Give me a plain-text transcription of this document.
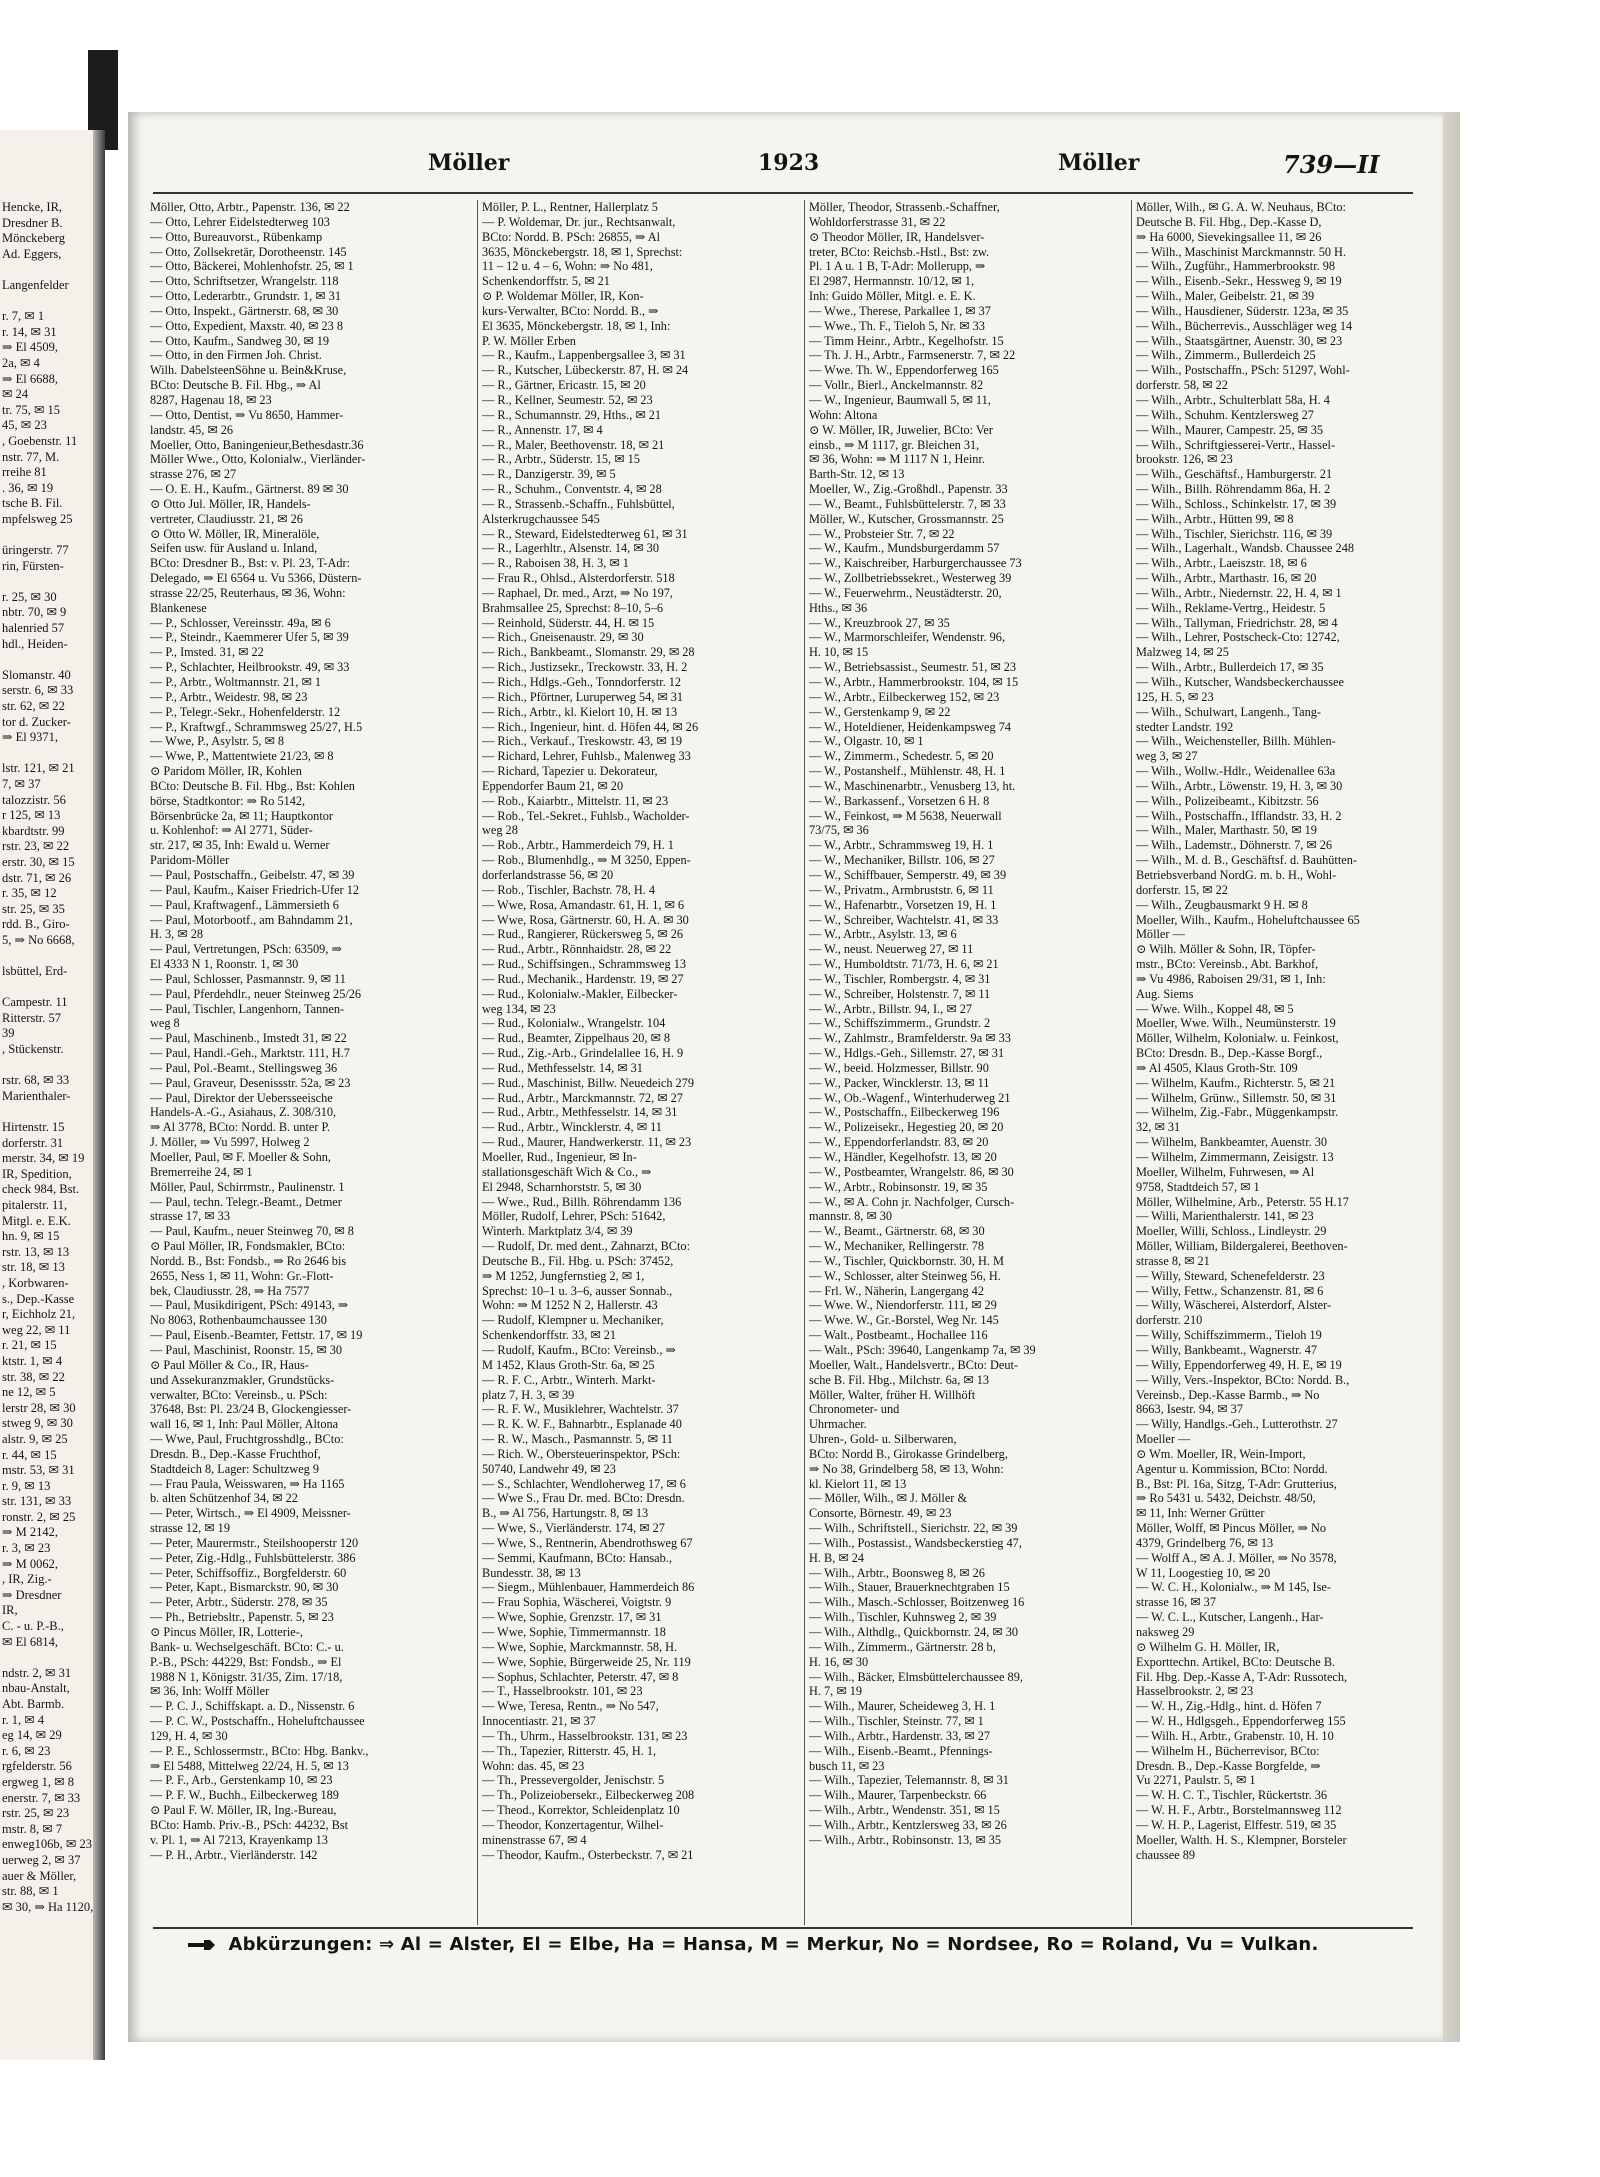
Hencke, IR,
Dresdner B.
Mönckeberg
Ad. Eggers,

Langenfelder

r. 7, ✉ 1
r. 14, ✉ 31
⇒ El 4509,
2a, ✉ 4
⇒ El 6688,
✉ 24
tr. 75, ✉ 15
45, ✉ 23
, Goebenstr. 11
nstr. 77, M.
rreihe 81
. 36, ✉ 19
tsche B. Fil.
mpfelsweg 25

üringerstr. 77
rin, Fürsten-

r. 25, ✉ 30
nbtr. 70, ✉ 9
halenried 57
hdl., Heiden-

Slomanstr. 40
serstr. 6, ✉ 33
str. 62, ✉ 22
tor d. Zucker-
⇒ El 9371,

lstr. 121, ✉ 21
7, ✉ 37
talozzistr. 56
r 125, ✉ 13
kbardtstr. 99
rstr. 23, ✉ 22
erstr. 30, ✉ 15
dstr. 71, ✉ 26
r. 35, ✉ 12
str. 25, ✉ 35
rdd. B., Giro-
5, ⇒ No 6668,

lsbüttel, Erd-

Campestr. 11
Ritterstr. 57
39
, Stückenstr.

rstr. 68, ✉ 33
Marienthaler-

Hirtenstr. 15
dorferstr. 31
merstr. 34, ✉ 19
IR, Spedition,
check 984, Bst.
pitalerstr. 11,
Mitgl. e. E.K.
hn. 9, ✉ 15
rstr. 13, ✉ 13
str. 18, ✉ 13
, Korbwaren-
s., Dep.-Kasse
r, Eichholz 21,
weg 22, ✉ 11
r. 21, ✉ 15
ktstr. 1, ✉ 4
str. 38, ✉ 22
ne 12, ✉ 5
lerstr 28, ✉ 30
stweg 9, ✉ 30
alstr. 9, ✉ 25
r. 44, ✉ 15
mstr. 53, ✉ 31
r. 9, ✉ 13
str. 131, ✉ 33
ronstr. 2, ✉ 25
⇒ M 2142,
r. 3, ✉ 23
⇒ M 0062,
, IR, Zig.-
⇒ Dresdner
IR,
C. - u. P.-B.,
✉ El 6814,

ndstr. 2, ✉ 31
nbau-Anstalt,
Abt. Barmb.
r. 1, ✉ 4
eg 14, ✉ 29
r. 6, ✉ 23
rgfelderstr. 56
ergweg 1, ✉ 8
enerstr. 7, ✉ 33
rstr. 25, ✉ 23
mstr. 8, ✉ 7
enweg106b, ✉ 23
uerweg 2, ✉ 37
auer & Möller,
str. 88, ✉ 1
✉ 30, ⇒ Ha 1120,
Möller	1923	Möller	739—II
Möller, Otto, Arbtr., Papenstr. 136, ✉ 22
— Otto, Lehrer Eidelstedterweg 103
— Otto, Bureauvorst., Rübenkamp
— Otto, Zollsekretär, Dorotheenstr. 145
— Otto, Bäckerei, Mohlenhofstr. 25, ✉ 1
— Otto, Schriftsetzer, Wrangelstr. 118
— Otto, Lederarbtr., Grundstr. 1, ✉ 31
— Otto, Inspekt., Gärtnerstr. 68, ✉ 30
— Otto, Expedient, Maxstr. 40, ✉ 23 8
— Otto, Kaufm., Sandweg 30, ✉ 19
— Otto, in den Firmen Joh. Christ.
Wilh. DabelsteenSöhne u. Bein&Kruse,
BCto: Deutsche B. Fil. Hbg., ⇒ Al
8287, Hagenau 18, ✉ 23
— Otto, Dentist, ⇒ Vu 8650, Hammer-
landstr. 45, ✉ 26
Moeller, Otto, Baningenieur,Bethesdastr.36
Möller Wwe., Otto, Kolonialw., Vierländer-
strasse 276, ✉ 27
— O. E. H., Kaufm., Gärtnerst. 89 ✉ 30
⊙ Otto Jul. Möller, IR, Handels-
vertreter, Claudiusstr. 21, ✉ 26
⊙ Otto W. Möller, IR, Mineralöle,
Seifen usw. für Ausland u. Inland,
BCto: Dresdner B., Bst: v. Pl. 23, T-Adr:
Delegado, ⇒ El 6564 u. Vu 5366, Düstern-
strasse 22/25, Reuterhaus, ✉ 36, Wohn:
Blankenese
— P., Schlosser, Vereinsstr. 49a, ✉ 6
— P., Steindr., Kaemmerer Ufer 5, ✉ 39
— P., Imsted. 31, ✉ 22
— P., Schlachter, Heilbrookstr. 49, ✉ 33
— P., Arbtr., Woltmannstr. 21, ✉ 1
— P., Arbtr., Weidestr. 98, ✉ 23
— P., Telegr.-Sekr., Hohenfelderstr. 12
— P., Kraftwgf., Schrammsweg 25/27, H.5
— Wwe, P., Asylstr. 5, ✉ 8
— Wwe, P., Mattentwiete 21/23, ✉ 8
⊙ Paridom Möller, IR, Kohlen
BCto: Deutsche B. Fil. Hbg., Bst: Kohlen
börse, Stadtkontor: ⇒ Ro 5142,
Börsenbrücke 2a, ✉ 11; Hauptkontor
u. Kohlenhof: ⇒ Al 2771, Süder-
str. 217, ✉ 35, Inh: Ewald u. Werner
Paridom-Möller
— Paul, Postschaffn., Geibelstr. 47, ✉ 39
— Paul, Kaufm., Kaiser Friedrich-Ufer 12
— Paul, Kraftwagenf., Lämmersieth 6
— Paul, Motorbootf., am Bahndamm 21,
H. 3, ✉ 28
— Paul, Vertretungen, PSch: 63509, ⇒
El 4333 N 1, Roonstr. 1, ✉ 30
— Paul, Schlosser, Pasmannstr. 9, ✉ 11
— Paul, Pferdehdlr., neuer Steinweg 25/26
— Paul, Tischler, Langenhorn, Tannen-
weg 8
— Paul, Maschinenb., Imstedt 31, ✉ 22
— Paul, Handl.-Geh., Marktstr. 111, H.7
— Paul, Pol.-Beamt., Stellingsweg 36
— Paul, Graveur, Desenissstr. 52a, ✉ 23
— Paul, Direktor der Uebersseeische
Handels-A.-G., Asiahaus, Z. 308/310,
⇒ Al 3778, BCto: Nordd. B. unter P.
J. Möller, ⇒ Vu 5997, Holweg 2
Moeller, Paul, ✉ F. Moeller & Sohn,
Bremerreihe 24, ✉ 1
Möller, Paul, Schirrmstr., Paulinenstr. 1
— Paul, techn. Telegr.-Beamt., Detmer
strasse 17, ✉ 33
— Paul, Kaufm., neuer Steinweg 70, ✉ 8
⊙ Paul Möller, IR, Fondsmakler, BCto:
Nordd. B., Bst: Fondsb., ⇒ Ro 2646 bis
2655, Ness 1, ✉ 11, Wohn: Gr.-Flott-
bek, Claudiusstr. 28, ⇒ Ha 7577
— Paul, Musikdirigent, PSch: 49143, ⇒
No 8063, Rothenbaumchaussee 130
— Paul, Eisenb.-Beamter, Fettstr. 17, ✉ 19
— Paul, Maschinist, Roonstr. 15, ✉ 30
⊙ Paul Möller & Co., IR, Haus-
und Assekuranzmakler, Grundstücks-
verwalter, BCto: Vereinsb., u. PSch:
37648, Bst: Pl. 23/24 B, Glockengiesser-
wall 16, ✉ 1, Inh: Paul Möller, Altona
— Wwe, Paul, Fruchtgrosshdlg., BCto:
Dresdn. B., Dep.-Kasse Fruchthof,
Stadtdeich 8, Lager: Schultzweg 9
— Frau Paula, Weisswaren, ⇒ Ha 1165
b. alten Schützenhof 34, ✉ 22
— Peter, Wirtsch., ⇒ El 4909, Meissner-
strasse 12, ✉ 19
— Peter, Maurermstr., Steilshooperstr 120
— Peter, Zig.-Hdlg., Fuhlsbüttelerstr. 386
— Peter, Schiffsoffiz., Borgfelderstr. 60
— Peter, Kapt., Bismarckstr. 90, ✉ 30
— Peter, Arbtr., Süderstr. 278, ✉ 35
— Ph., Betriebsltr., Papenstr. 5, ✉ 23
⊙ Pincus Möller, IR, Lotterie-,
Bank- u. Wechselgeschäft. BCto: C.- u.
P.-B., PSch: 44229, Bst: Fondsb., ⇒ El
1988 N 1, Königstr. 31/35, Zim. 17/18,
✉ 36, Inh: Wolff Möller
— P. C. J., Schiffskapt. a. D., Nissenstr. 6
— P. C. W., Postschaffn., Hoheluftchaussee
129, H. 4, ✉ 30
— P. E., Schlossermstr., BCto: Hbg. Bankv.,
⇒ El 5488, Mittelweg 22/24, H. 5, ✉ 13
— P. F., Arb., Gerstenkamp 10, ✉ 23
— P. F. W., Buchh., Eilbeckerweg 189
⊙ Paul F. W. Möller, IR, Ing.-Bureau,
BCto: Hamb. Priv.-B., PSch: 44232, Bst
v. Pl. 1, ⇒ Al 7213, Krayenkamp 13
— P. H., Arbtr., Vierländerstr. 142
Möller, P. L., Rentner, Hallerplatz 5
— P. Woldemar, Dr. jur., Rechtsanwalt,
BCto: Nordd. B. PSch: 26855, ⇒ Al
3635, Mönckebergstr. 18, ✉ 1, Sprechst:
11 – 12 u. 4 – 6, Wohn: ⇒ No 481,
Schenkendorffstr. 5, ✉ 21
⊙ P. Woldemar Möller, IR, Kon-
kurs-Verwalter, BCto: Nordd. B., ⇒
El 3635, Mönckebergstr. 18, ✉ 1, Inh:
P. W. Möller Erben
— R., Kaufm., Lappenbergsallee 3, ✉ 31
— R., Kutscher, Lübeckerstr. 87, H. ✉ 24
— R., Gärtner, Ericastr. 15, ✉ 20
— R., Kellner, Seumestr. 52, ✉ 23
— R., Schumannstr. 29, Hths., ✉ 21
— R., Annenstr. 17, ✉ 4
— R., Maler, Beethovenstr. 18, ✉ 21
— R., Arbtr., Süderstr. 15, ✉ 15
— R., Danzigerstr. 39, ✉ 5
— R., Schuhm., Conventstr. 4, ✉ 28
— R., Strassenb.-Schaffn., Fuhlsbüttel,
Alsterkrugchaussee 545
— R., Steward, Eidelstedterweg 61, ✉ 31
— R., Lagerhltr., Alsenstr. 14, ✉ 30
— R., Raboisen 38, H. 3, ✉ 1
— Frau R., Ohlsd., Alsterdorferstr. 518
— Raphael, Dr. med., Arzt, ⇒ No 197,
Brahmsallee 25, Sprechst: 8–10, 5–6
— Reinhold, Süderstr. 44, H. ✉ 15
— Rich., Gneisenaustr. 29, ✉ 30
— Rich., Bankbeamt., Slomanstr. 29, ✉ 28
— Rich., Justizsekr., Treckowstr. 33, H. 2
— Rich., Hdlgs.-Geh., Tonndorferstr. 12
— Rich., Pförtner, Luruperweg 54, ✉ 31
— Rich., Arbtr., kl. Kielort 10, H. ✉ 13
— Rich., Ingenieur, hint. d. Höfen 44, ✉ 26
— Rich., Verkauf., Treskowstr. 43, ✉ 19
— Richard, Lehrer, Fuhlsb., Malenweg 33
— Richard, Tapezier u. Dekorateur,
Eppendorfer Baum 21, ✉ 20
— Rob., Kaiarbtr., Mittelstr. 11, ✉ 23
— Rob., Tel.-Sekret., Fuhlsb., Wacholder-
weg 28
— Rob., Arbtr., Hammerdeich 79, H. 1
— Rob., Blumenhdlg., ⇒ M 3250, Eppen-
dorferlandstrasse 56, ✉ 20
— Rob., Tischler, Bachstr. 78, H. 4
— Wwe, Rosa, Amandastr. 61, H. 1, ✉ 6
— Wwe, Rosa, Gärtnerstr. 60, H. A. ✉ 30
— Rud., Rangierer, Rückersweg 5, ✉ 26
— Rud., Arbtr., Rönnhaidstr. 28, ✉ 22
— Rud., Schiffsingen., Schrammsweg 13
— Rud., Mechanik., Hardenstr. 19, ✉ 27
— Rud., Kolonialw.-Makler, Eilbecker-
weg 134, ✉ 23
— Rud., Kolonialw., Wrangelstr. 104
— Rud., Beamter, Zippelhaus 20, ✉ 8
— Rud., Zig.-Arb., Grindelallee 16, H. 9
— Rud., Methfesselstr. 14, ✉ 31
— Rud., Maschinist, Billw. Neuedeich 279
— Rud., Arbtr., Marckmannstr. 72, ✉ 27
— Rud., Arbtr., Methfesselstr. 14, ✉ 31
— Rud., Arbtr., Wincklerstr. 4, ✉ 11
— Rud., Maurer, Handwerkerstr. 11, ✉ 23
Moeller, Rud., Ingenieur, ✉ In-
stallationsgeschäft Wich & Co., ⇒
El 2948, Scharnhorststr. 5, ✉ 30
— Wwe., Rud., Billh. Röhrendamm 136
Möller, Rudolf, Lehrer, PSch: 51642,
Winterh. Marktplatz 3/4, ✉ 39
— Rudolf, Dr. med dent., Zahnarzt, BCto:
Deutsche B., Fil. Hbg. u. PSch: 37452,
⇒ M 1252, Jungfernstieg 2, ✉ 1,
Sprechst: 10–1 u. 3–6, ausser Sonnab.,
Wohn: ⇒ M 1252 N 2, Hallerstr. 43
— Rudolf, Klempner u. Mechaniker,
Schenkendorffstr. 33, ✉ 21
— Rudolf, Kaufm., BCto: Vereinsb., ⇒
M 1452, Klaus Groth-Str. 6a, ✉ 25
— R. F. C., Arbtr., Winterh. Markt-
platz 7, H. 3, ✉ 39
— R. F. W., Musiklehrer, Wachtelstr. 37
— R. K. W. F., Bahnarbtr., Esplanade 40
— R. W., Masch., Pasmannstr. 5, ✉ 11
— Rich. W., Obersteuerinspektor, PSch:
50740, Landwehr 49, ✉ 23
— S., Schlachter, Wendloherweg 17, ✉ 6
— Wwe S., Frau Dr. med. BCto: Dresdn.
B., ⇒ Al 756, Hartungstr. 8, ✉ 13
— Wwe, S., Vierländerstr. 174, ✉ 27
— Wwe, S., Rentnerin, Abendrothsweg 67
— Semmi, Kaufmann, BCto: Hansab.,
Bundesstr. 38, ✉ 13
— Siegm., Mühlenbauer, Hammerdeich 86
— Frau Sophia, Wäscherei, Voigtstr. 9
— Wwe, Sophie, Grenzstr. 17, ✉ 31
— Wwe, Sophie, Timmermannstr. 18
— Wwe, Sophie, Marckmannstr. 58, H.
— Wwe, Sophie, Bürgerweide 25, Nr. 119
— Sophus, Schlachter, Peterstr. 47, ✉ 8
— T., Hasselbrookstr. 101, ✉ 23
— Wwe, Teresa, Rentn., ⇒ No 547,
Innocentiastr. 21, ✉ 37
— Th., Uhrm., Hasselbrookstr. 131, ✉ 23
— Th., Tapezier, Ritterstr. 45, H. 1,
Wohn: das. 45, ✉ 23
— Th., Pressevergolder, Jenischstr. 5
— Th., Polizeiobersekr., Eilbeckerweg 208
— Theod., Korrektor, Schleidenplatz 10
— Theodor, Konzertagentur, Wilhel-
minenstrasse 67, ✉ 4
— Theodor, Kaufm., Osterbeckstr. 7, ✉ 21
Möller, Theodor, Strassenb.-Schaffner,
Wohldorferstrasse 31, ✉ 22
⊙ Theodor Möller, IR, Handelsver-
treter, BCto: Reichsb.-Hstl., Bst: zw.
Pl. 1 A u. 1 B, T-Adr: Mollerupp, ⇒
El 2987, Hermannstr. 10/12, ✉ 1,
Inh: Guido Möller, Mitgl. e. E. K.
— Wwe., Therese, Parkallee 1, ✉ 37
— Wwe., Th. F., Tieloh 5, Nr. ✉ 33
— Timm Heinr., Arbtr., Kegelhofstr. 15
— Th. J. H., Arbtr., Farmsenerstr. 7, ✉ 22
— Wwe. Th. W., Eppendorferweg 165
— Vollr., Bierl., Anckelmannstr. 82
— W., Ingenieur, Baumwall 5, ✉ 11,
Wohn: Altona
⊙ W. Möller, IR, Juwelier, BCto: Ver
einsb., ⇒ M 1117, gr. Bleichen 31,
✉ 36, Wohn: ⇒ M 1117 N 1, Heinr.
Barth-Str. 12, ✉ 13
Moeller, W., Zig.-Großhdl., Papenstr. 33
— W., Beamt., Fuhlsbüttelerstr. 7, ✉ 33
Möller, W., Kutscher, Grossmannstr. 25
— W., Probsteier Str. 7, ✉ 22
— W., Kaufm., Mundsburgerdamm 57
— W., Kaischreiber, Harburgerchaussee 73
— W., Zollbetriebssekret., Westerweg 39
— W., Feuerwehrm., Neustädterstr. 20,
Hths., ✉ 36
— W., Kreuzbrook 27, ✉ 35
— W., Marmorschleifer, Wendenstr. 96,
H. 10, ✉ 15
— W., Betriebsassist., Seumestr. 51, ✉ 23
— W., Arbtr., Hammerbrookstr. 104, ✉ 15
— W., Arbtr., Eilbeckerweg 152, ✉ 23
— W., Gerstenkamp 9, ✉ 22
— W., Hoteldiener, Heidenkampsweg 74
— W., Olgastr. 10, ✉ 1
— W., Zimmerm., Schedestr. 5, ✉ 20
— W., Postanshelf., Mühlenstr. 48, H. 1
— W., Maschinenarbtr., Venusberg 13, ht.
— W., Barkassenf., Vorsetzen 6 H. 8
— W., Feinkost, ⇒ M 5638, Neuerwall
73/75, ✉ 36
— W., Arbtr., Schrammsweg 19, H. 1
— W., Mechaniker, Billstr. 106, ✉ 27
— W., Schiffbauer, Semperstr. 49, ✉ 39
— W., Privatm., Armbruststr. 6, ✉ 11
— W., Hafenarbtr., Vorsetzen 19, H. 1
— W., Schreiber, Wachtelstr. 41, ✉ 33
— W., Arbtr., Asylstr. 13, ✉ 6
— W., neust. Neuerweg 27, ✉ 11
— W., Humboldtstr. 71/73, H. 6, ✉ 21
— W., Tischler, Rombergstr. 4, ✉ 31
— W., Schreiber, Holstenstr. 7, ✉ 11
— W., Arbtr., Billstr. 94, I., ✉ 27
— W., Schiffszimmerm., Grundstr. 2
— W., Zahlmstr., Bramfelderstr. 9a ✉ 33
— W., Hdlgs.-Geh., Sillemstr. 27, ✉ 31
— W., beeid. Holzmesser, Billstr. 90
— W., Packer, Wincklerstr. 13, ✉ 11
— W., Ob.-Wagenf., Winterhuderweg 21
— W., Postschaffn., Eilbeckerweg 196
— W., Polizeisekr., Hegestieg 20, ✉ 20
— W., Eppendorferlandstr. 83, ✉ 20
— W., Händler, Kegelhofstr. 13, ✉ 20
— W., Postbeamter, Wrangelstr. 86, ✉ 30
— W., Arbtr., Robinsonstr. 19, ✉ 35
— W., ✉ A. Cohn jr. Nachfolger, Cursch-
mannstr. 8, ✉ 30
— W., Beamt., Gärtnerstr. 68, ✉ 30
— W., Mechaniker, Rellingerstr. 78
— W., Tischler, Quickbornstr. 30, H. M
— W., Schlosser, alter Steinweg 56, H.
— Frl. W., Näherin, Langergang 42
— Wwe. W., Niendorferstr. 111, ✉ 29
— Wwe. W., Gr.-Borstel, Weg Nr. 145
— Walt., Postbeamt., Hochallee 116
— Walt., PSch: 39640, Langenkamp 7a, ✉ 39
Moeller, Walt., Handelsvertr., BCto: Deut-
sche B. Fil. Hbg., Milchstr. 6a, ✉ 13
Möller, Walter, früher H. Willhöft
Chronometer- und
Uhrmacher.
Uhren-, Gold- u. Silberwaren,
BCto: Nordd B., Girokasse Grindelberg,
⇒ No 38, Grindelberg 58, ✉ 13, Wohn:
kl. Kielort 11, ✉ 13
— Möller, Wilh., ✉ J. Möller &
Consorte, Börnestr. 49, ✉ 23
— Wilh., Schriftstell., Sierichstr. 22, ✉ 39
— Wilh., Postassist., Wandsbeckerstieg 47,
H. B, ✉ 24
— Wilh., Arbtr., Boonsweg 8, ✉ 26
— Wilh., Stauer, Brauerknechtgraben 15
— Wilh., Masch.-Schlosser, Boitzenweg 16
— Wilh., Tischler, Kuhnsweg 2, ✉ 39
— Wilh., Althdlg., Quickbornstr. 24, ✉ 30
— Wilh., Zimmerm., Gärtnerstr. 28 b,
H. 16, ✉ 30
— Wilh., Bäcker, Elmsbüttelerchaussee 89,
H. 7, ✉ 19
— Wilh., Maurer, Scheideweg 3, H. 1
— Wilh., Tischler, Steinstr. 77, ✉ 1
— Wilh., Arbtr., Hardenstr. 33, ✉ 27
— Wilh., Eisenb.-Beamt., Pfennings-
busch 11, ✉ 23
— Wilh., Tapezier, Telemannstr. 8, ✉ 31
— Wilh., Maurer, Tarpenbeckstr. 66
— Wilh., Arbtr., Wendenstr. 351, ✉ 15
— Wilh., Arbtr., Kentzlersweg 33, ✉ 26
— Wilh., Arbtr., Robinsonstr. 13, ✉ 35
Möller, Wilh., ✉ G. A. W. Neuhaus, BCto:
Deutsche B. Fil. Hbg., Dep.-Kasse D,
⇒ Ha 6000, Sievekingsallee 11, ✉ 26
— Wilh., Maschinist Marckmannstr. 50 H.
— Wilh., Zugführ., Hammerbrookstr. 98
— Wilh., Eisenb.-Sekr., Hessweg 9, ✉ 19
— Wilh., Maler, Geibelstr. 21, ✉ 39
— Wilh., Hausdiener, Süderstr. 123a, ✉ 35
— Wilh., Bücherrevis., Ausschläger weg 14
— Wilh., Staatsgärtner, Auenstr. 30, ✉ 23
— Wilh., Zimmerm., Bullerdeich 25
— Wilh., Postschaffn., PSch: 51297, Wohl-
dorferstr. 58, ✉ 22
— Wilh., Arbtr., Schulterblatt 58a, H. 4
— Wilh., Schuhm. Kentzlersweg 27
— Wilh., Maurer, Campestr. 25, ✉ 35
— Wilh., Schriftgiesserei-Vertr., Hassel-
brookstr. 126, ✉ 23
— Wilh., Geschäftsf., Hamburgerstr. 21
— Wilh., Billh. Röhrendamm 86a, H. 2
— Wilh., Schloss., Schinkelstr. 17, ✉ 39
— Wilh., Arbtr., Hütten 99, ✉ 8
— Wilh., Tischler, Sierichstr. 116, ✉ 39
— Wilh., Lagerhalt., Wandsb. Chaussee 248
— Wilh., Arbtr., Laeiszstr. 18, ✉ 6
— Wilh., Arbtr., Marthastr. 16, ✉ 20
— Wilh., Arbtr., Niedernstr. 22, H. 4, ✉ 1
— Wilh., Reklame-Vertrg., Heidestr. 5
— Wilh., Tallyman, Friedrichstr. 28, ✉ 4
— Wilh., Lehrer, Postscheck-Cto: 12742,
Malzweg 14, ✉ 25
— Wilh., Arbtr., Bullerdeich 17, ✉ 35
— Wilh., Kutscher, Wandsbeckerchaussee
125, H. 5, ✉ 23
— Wilh., Schulwart, Langenh., Tang-
stedter Landstr. 192
— Wilh., Weichensteller, Billh. Mühlen-
weg 3, ✉ 27
— Wilh., Wollw.-Hdlr., Weidenallee 63a
— Wilh., Arbtr., Löwenstr. 19, H. 3, ✉ 30
— Wilh., Polizeibeamt., Kibitzstr. 56
— Wilh., Postschaffn., Ifflandstr. 33, H. 2
— Wilh., Maler, Marthastr. 50, ✉ 19
— Wilh., Lademstr., Döhnerstr. 7, ✉ 26
— Wilh., M. d. B., Geschäftsf. d. Bauhütten-
Betriebsverband NordG. m. b. H., Wohl-
dorferstr. 15, ✉ 22
— Wilh., Zeugbausmarkt 9 H. ✉ 8
Moeller, Wilh., Kaufm., Hoheluftchaussee 65
Möller —
⊙ Wilh. Möller & Sohn, IR, Töpfer-
mstr., BCto: Vereinsb., Abt. Barkhof,
⇒ Vu 4986, Raboisen 29/31, ✉ 1, Inh:
Aug. Siems
— Wwe. Wilh., Koppel 48, ✉ 5
Moeller, Wwe. Wilh., Neumünsterstr. 19
Möller, Wilhelm, Kolonialw. u. Feinkost,
BCto: Dresdn. B., Dep.-Kasse Borgf.,
⇒ Al 4505, Klaus Groth-Str. 109
— Wilhelm, Kaufm., Richterstr. 5, ✉ 21
— Wilhelm, Grünw., Sillemstr. 50, ✉ 31
— Wilhelm, Zig.-Fabr., Müggenkampstr.
32, ✉ 31
— Wilhelm, Bankbeamter, Auenstr. 30
— Wilhelm, Zimmermann, Zeisigstr. 13
Moeller, Wilhelm, Fuhrwesen, ⇒ Al
9758, Stadtdeich 57, ✉ 1
Möller, Wilhelmine, Arb., Peterstr. 55 H.17
— Willi, Marienthalerstr. 141, ✉ 23
Moeller, Willi, Schloss., Lindleystr. 29
Möller, William, Bildergalerei, Beethoven-
strasse 8, ✉ 21
— Willy, Steward, Schenefelderstr. 23
— Willy, Fettw., Schanzenstr. 81, ✉ 6
— Willy, Wäscherei, Alsterdorf, Alster-
dorferstr. 210
— Willy, Schiffszimmerm., Tieloh 19
— Willy, Bankbeamt., Wagnerstr. 47
— Willy, Eppendorferweg 49, H. E, ✉ 19
— Willy, Vers.-Inspektor, BCto: Nordd. B.,
Vereinsb., Dep.-Kasse Barmb., ⇒ No
8663, Isestr. 94, ✉ 37
— Willy, Handlgs.-Geh., Lutterothstr. 27
Moeller —
⊙ Wm. Moeller, IR, Wein-Import,
Agentur u. Kommission, BCto: Nordd.
B., Bst: Pl. 16a, Sitzg, T-Adr: Grutterius,
⇒ Ro 5431 u. 5432, Deichstr. 48/50,
✉ 11, Inh: Werner Grütter
Möller, Wolff, ✉ Pincus Möller, ⇒ No
4379, Grindelberg 76, ✉ 13
— Wolff A., ✉ A. J. Möller, ⇒ No 3578,
W 11, Loogestieg 10, ✉ 20
— W. C. H., Kolonialw., ⇒ M 145, Ise-
strasse 16, ✉ 37
— W. C. L., Kutscher, Langenh., Har-
naksweg 29
⊙ Wilhelm G. H. Möller, IR,
Exporttechn. Artikel, BCto: Deutsche B.
Fil. Hbg. Dep.-Kasse A, T-Adr: Russotech,
Hasselbrookstr. 2, ✉ 23
— W. H., Zig.-Hdlg., hint. d. Höfen 7
— W. H., Hdlgsgeh., Eppendorferweg 155
— Wilh. H., Arbtr., Grabenstr. 10, H. 10
— Wilhelm H., Bücherrevisor, BCto:
Dresdn. B., Dep.-Kasse Borgfelde, ⇒
Vu 2271, Paulstr. 5, ✉ 1
— W. H. C. T., Tischler, Rückertstr. 36
— W. H. F., Arbtr., Borstelmannsweg 112
— W. H. P., Lagerist, Elffestr. 519, ✉ 35
Moeller, Walth. H. S., Klempner, Borsteler
chaussee 89
Abkürzungen: ⇒ Al = Alster, El = Elbe, Ha = Hansa, M = Merkur, No = Nordsee, Ro = Roland, Vu = Vulkan.
